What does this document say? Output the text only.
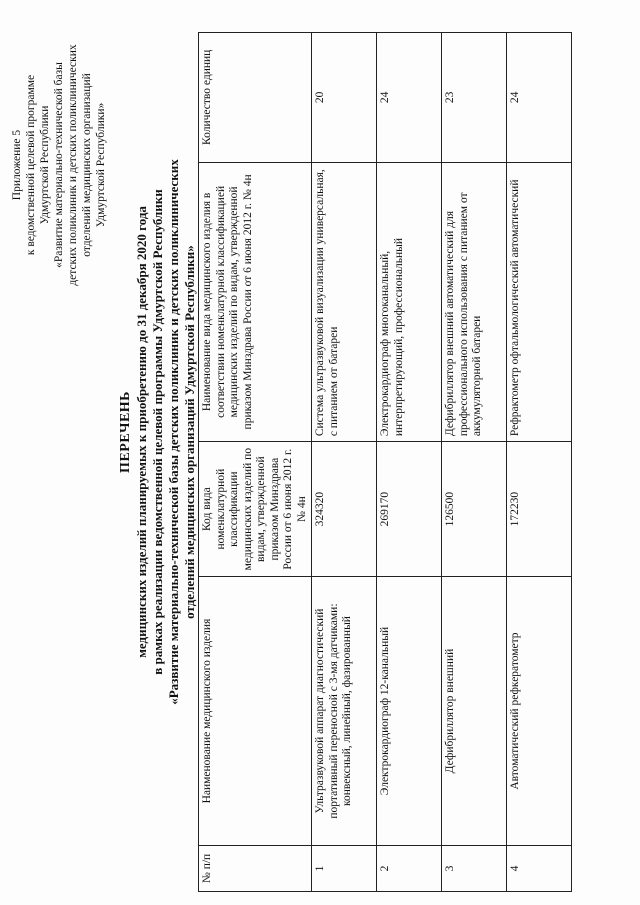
Приложение 5 к ведомственной целевой программе Удмуртской Республики «Развитие материально-технической базы детских поликлиник и детских поликлинических отделений медицинских организаций Удмуртской Республики»
ПЕРЕЧЕНЬ медицинских изделий планируемых к приобретению до 31 декабря 2020 года в рамках реализации ведомственной целевой программы Удмуртской Республики «Развитие материально-технической базы детских поликлиник и детских поликлинических отделений медицинских организаций Удмуртской Республики»
№ п/п	Наименование медицинского изделия	Код вида номенклатурной классификации медицинских изделий по видам, утвержденной приказом Минздрава России от 6 июня 2012 г. № 4н	Наименование вида медицинского изделия в соответствии номенклатурной классификацией медицинских изделий по видам, утвержденной приказом Минздрава России от 6 июня 2012 г. № 4н	Количество единиц
1	Ультразвуковой аппарат диагностический портативный переносной с 3-мя датчиками: конвексный, линейный, фазированный	324320	Система ультразвуковой визуализации универсальная, с питанием от батареи	20
2	Электрокардиограф 12-канальный	269170	Электрокардиограф многоканальный, интерпретирующий, профессиональный	24
3	Дефибриллятор внешний	126500	Дефибриллятор внешний автоматический для профессионального использования с питанием от аккумуляторной батареи	23
4	Автоматический рефкератометр	172230	Рефрактометр офтальмологический автоматический	24
